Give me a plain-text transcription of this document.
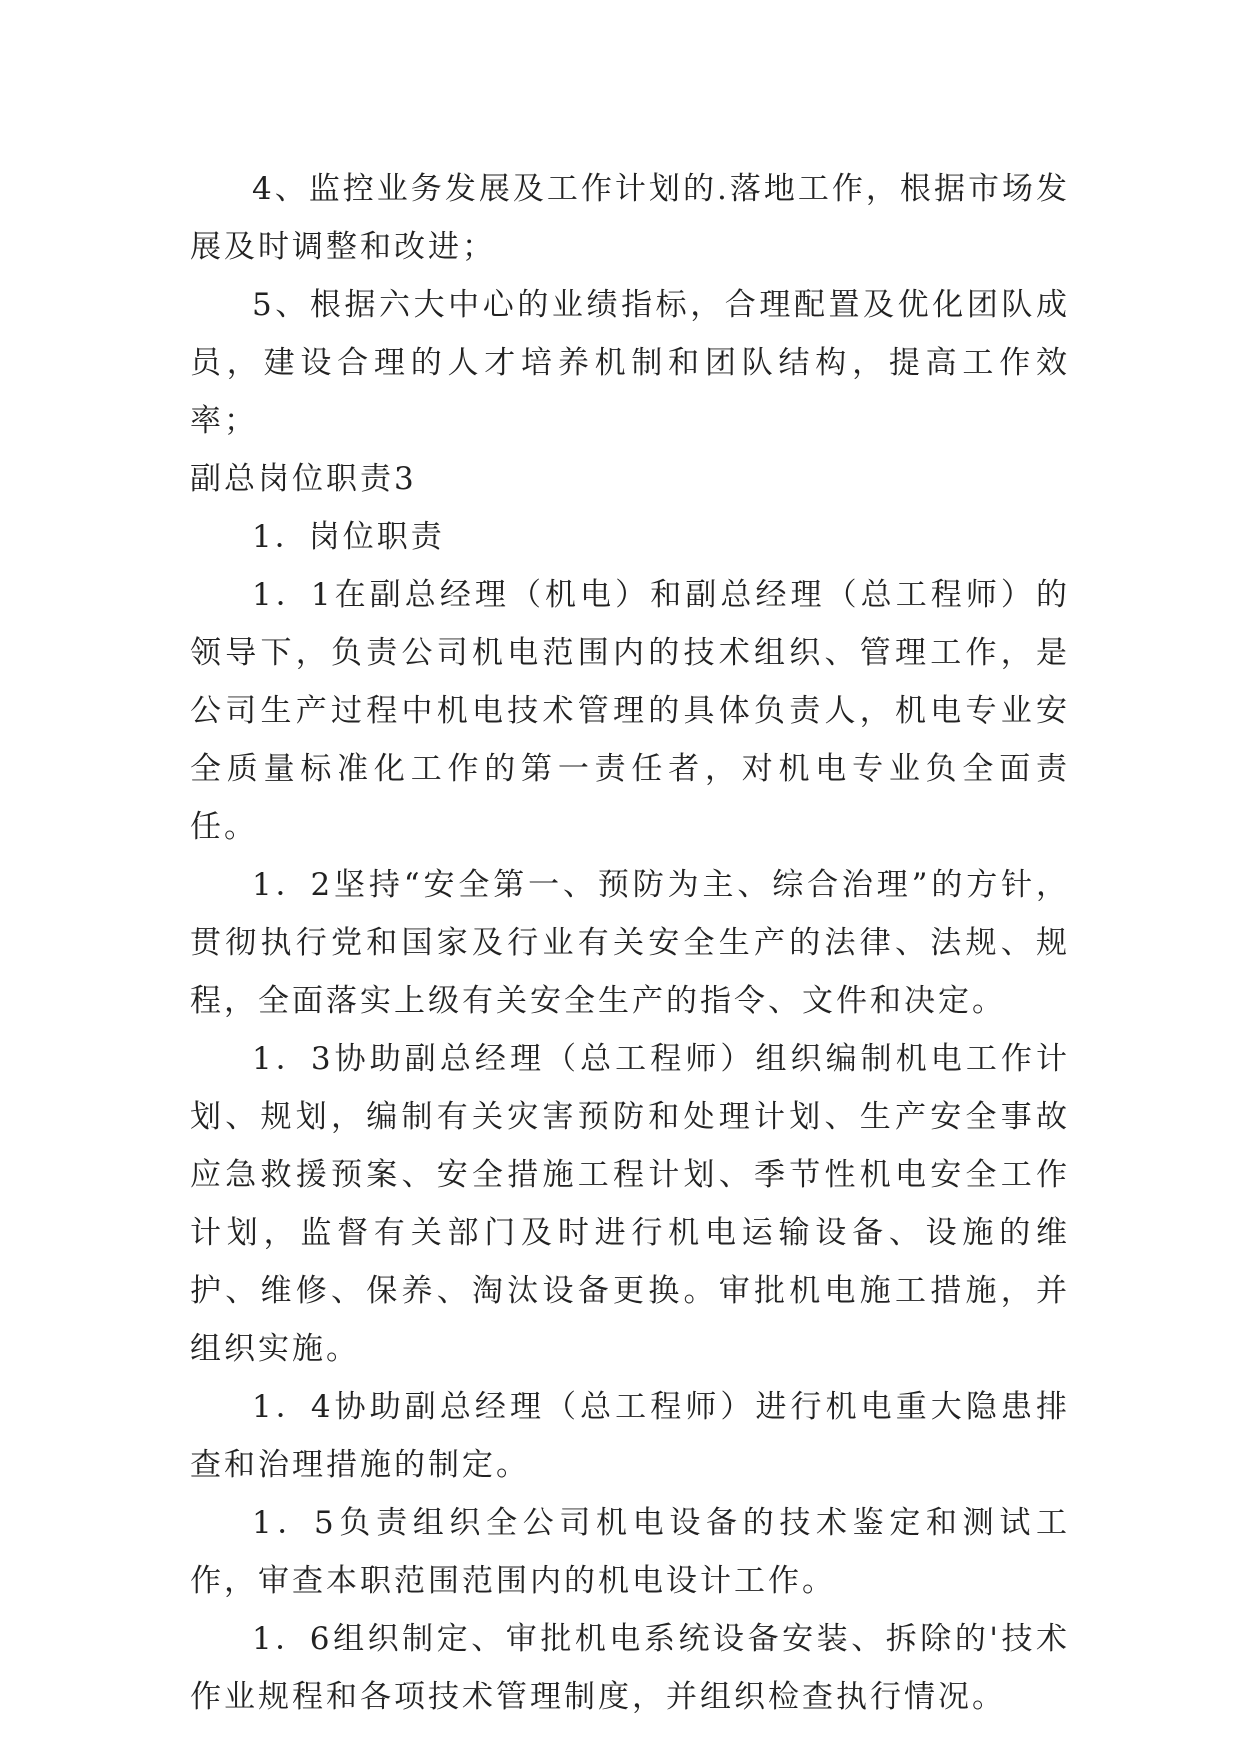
4、监控业务发展及工作计划的.落地工作，根据市场发展及时调整和改进；

5、根据六大中心的业绩指标，合理配置及优化团队成员，建设合理的人才培养机制和团队结构，提高工作效率；

副总岗位职责3

1．岗位职责

1．1在副总经理（机电）和副总经理（总工程师）的领导下，负责公司机电范围内的技术组织、管理工作，是公司生产过程中机电技术管理的具体负责人，机电专业安全质量标准化工作的第一责任者，对机电专业负全面责任。

1．2坚持“安全第一、预防为主、综合治理”的方针，贯彻执行党和国家及行业有关安全生产的法律、法规、规程，全面落实上级有关安全生产的指令、文件和决定。

1．3协助副总经理（总工程师）组织编制机电工作计划、规划，编制有关灾害预防和处理计划、生产安全事故应急救援预案、安全措施工程计划、季节性机电安全工作计划，监督有关部门及时进行机电运输设备、设施的维护、维修、保养、淘汰设备更换。审批机电施工措施，并组织实施。

1．4协助副总经理（总工程师）进行机电重大隐患排查和治理措施的制定。

1．5负责组织全公司机电设备的技术鉴定和测试工作，审查本职范围范围内的机电设计工作。

1．6组织制定、审批机电系统设备安装、拆除的'技术作业规程和各项技术管理制度，并组织检查执行情况。
